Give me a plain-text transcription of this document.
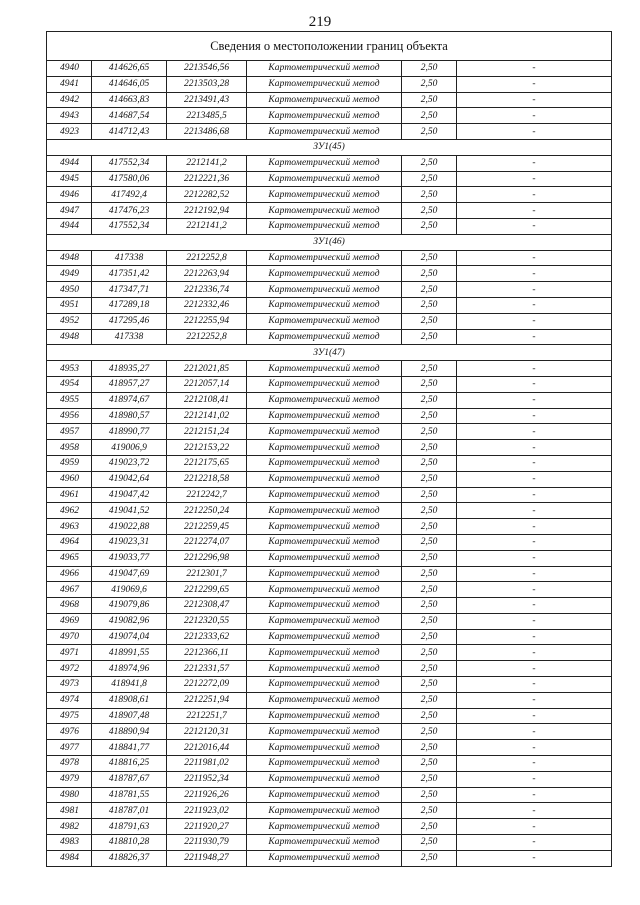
219
Сведения о местоположении границ объекта					
4940	414626,65	2213546,56	Картометрический метод	2,50	-
4941	414646,05	2213503,28	Картометрический метод	2,50	-
4942	414663,83	2213491,43	Картометрический метод	2,50	-
4943	414687,54	2213485,5	Картометрический метод	2,50	-
4923	414712,43	2213486,68	Картометрический метод	2,50	-
ЗУ1(45)					
4944	417552,34	2212141,2	Картометрический метод	2,50	-
4945	417580,06	2212221,36	Картометрический метод	2,50	-
4946	417492,4	2212282,52	Картометрический метод	2,50	-
4947	417476,23	2212192,94	Картометрический метод	2,50	-
4944	417552,34	2212141,2	Картометрический метод	2,50	-
ЗУ1(46)					
4948	417338	2212252,8	Картометрический метод	2,50	-
4949	417351,42	2212263,94	Картометрический метод	2,50	-
4950	417347,71	2212336,74	Картометрический метод	2,50	-
4951	417289,18	2212332,46	Картометрический метод	2,50	-
4952	417295,46	2212255,94	Картометрический метод	2,50	-
4948	417338	2212252,8	Картометрический метод	2,50	-
ЗУ1(47)					
4953	418935,27	2212021,85	Картометрический метод	2,50	-
4954	418957,27	2212057,14	Картометрический метод	2,50	-
4955	418974,67	2212108,41	Картометрический метод	2,50	-
4956	418980,57	2212141,02	Картометрический метод	2,50	-
4957	418990,77	2212151,24	Картометрический метод	2,50	-
4958	419006,9	2212153,22	Картометрический метод	2,50	-
4959	419023,72	2212175,65	Картометрический метод	2,50	-
4960	419042,64	2212218,58	Картометрический метод	2,50	-
4961	419047,42	2212242,7	Картометрический метод	2,50	-
4962	419041,52	2212250,24	Картометрический метод	2,50	-
4963	419022,88	2212259,45	Картометрический метод	2,50	-
4964	419023,31	2212274,07	Картометрический метод	2,50	-
4965	419033,77	2212296,98	Картометрический метод	2,50	-
4966	419047,69	2212301,7	Картометрический метод	2,50	-
4967	419069,6	2212299,65	Картометрический метод	2,50	-
4968	419079,86	2212308,47	Картометрический метод	2,50	-
4969	419082,96	2212320,55	Картометрический метод	2,50	-
4970	419074,04	2212333,62	Картометрический метод	2,50	-
4971	418991,55	2212366,11	Картометрический метод	2,50	-
4972	418974,96	2212331,57	Картометрический метод	2,50	-
4973	418941,8	2212272,09	Картометрический метод	2,50	-
4974	418908,61	2212251,94	Картометрический метод	2,50	-
4975	418907,48	2212251,7	Картометрический метод	2,50	-
4976	418890,94	2212120,31	Картометрический метод	2,50	-
4977	418841,77	2212016,44	Картометрический метод	2,50	-
4978	418816,25	2211981,02	Картометрический метод	2,50	-
4979	418787,67	2211952,34	Картометрический метод	2,50	-
4980	418781,55	2211926,26	Картометрический метод	2,50	-
4981	418787,01	2211923,02	Картометрический метод	2,50	-
4982	418791,63	2211920,27	Картометрический метод	2,50	-
4983	418810,28	2211930,79	Картометрический метод	2,50	-
4984	418826,37	2211948,27	Картометрический метод	2,50	-
